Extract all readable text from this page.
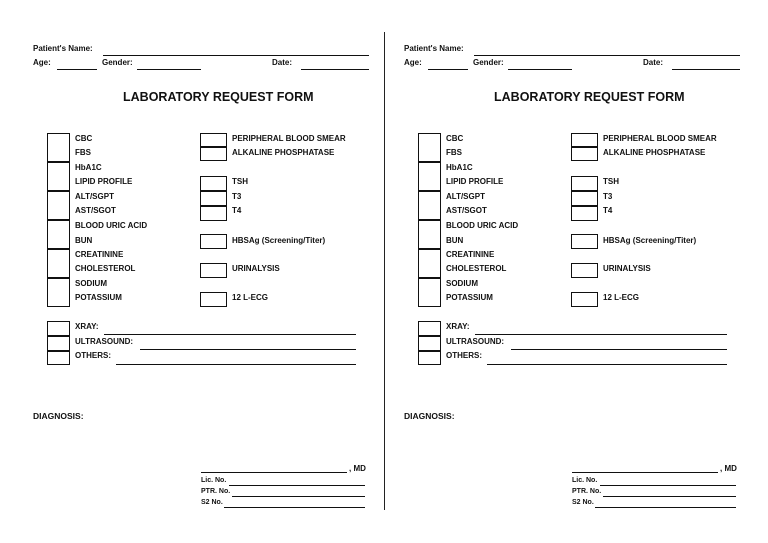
Patient's Name:
Age:	Gender:	Date:
LABORATORY REQUEST FORM
CBC
FBS
HbA1C
LIPID PROFILE
ALT/SGPT
AST/SGOT
BLOOD URIC ACID
BUN
CREATININE
CHOLESTEROL
SODIUM
POTASSIUM
PERIPHERAL BLOOD SMEAR
ALKALINE PHOSPHATASE
TSH
T3
T4
HBSAg (Screening/Titer)
URINALYSIS
12 L-ECG
XRAY:
ULTRASOUND:
OTHERS:
DIAGNOSIS:
, MD
Lic. No.
PTR. No.
S2 No.
Patient's Name:
Age:	Gender:	Date:
LABORATORY REQUEST FORM
CBC
FBS
HbA1C
LIPID PROFILE
ALT/SGPT
AST/SGOT
BLOOD URIC ACID
BUN
CREATININE
CHOLESTEROL
SODIUM
POTASSIUM
PERIPHERAL BLOOD SMEAR
ALKALINE PHOSPHATASE
TSH
T3
T4
HBSAg (Screening/Titer)
URINALYSIS
12 L-ECG
XRAY:
ULTRASOUND:
OTHERS:
DIAGNOSIS:
, MD
Lic. No.
PTR. No.
S2 No.
